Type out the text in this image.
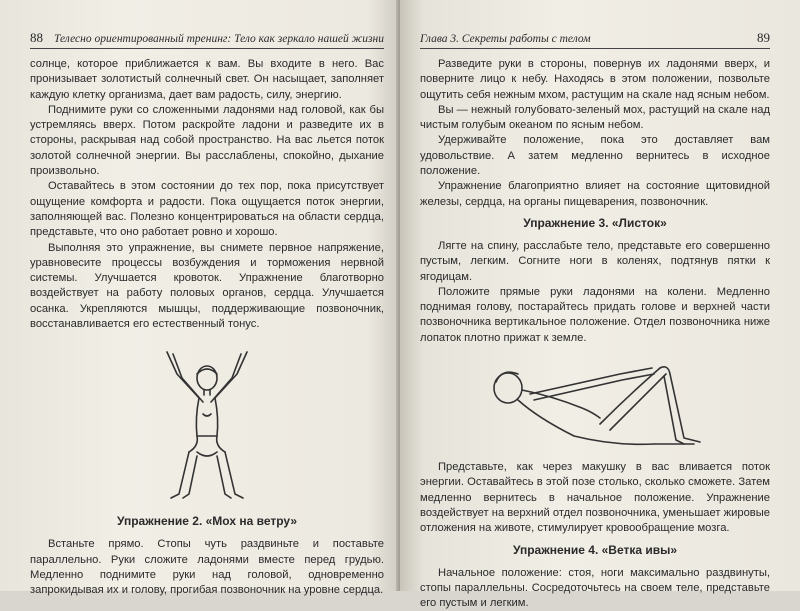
88 Телесно ориентированный тренинг: Тело как зеркало нашей жизни

солнце, которое приближается к вам. Вы входите в него. Вас пронизывает золотистый солнечный свет. Он насыщает, заполняет каждую клетку организма, дает вам радость, силу, энергию.

Поднимите руки со сложенными ладонями над головой, как бы устремляясь вверх. Потом раскройте ладони и разведите их в стороны, раскрывая над собой пространство. На вас льется поток золотой солнечной энергии. Вы расслаблены, спокойно, дыхание произвольно.

Оставайтесь в этом состоянии до тех пор, пока присутствует ощущение комфорта и радости. Пока ощущается поток энергии, заполняющей вас. Полезно концентрироваться на области сердца, представьте, что оно работает ровно и хорошо.

Выполняя это упражнение, вы снимете первное напряжение, уравновесите процессы возбуждения и торможения нервной системы. Улучшается кровоток. Упражнение благотворно воздействует на работу половых органов, сердца. Улучшается осанка. Укрепляются мышцы, поддерживающие позвоночник, восстанавливается его естественный тонус.

Упражнение 2. «Мох на ветру»

Встаньте прямо. Стопы чуть раздвиньте и поставьте параллельно. Руки сложите ладонями вместе перед грудью. Медленно поднимите руки над головой, одновременно запрокидывая их и голову, прогибая позвоночник на уровне сердца.

Глава 3. Секреты работы с телом	89

Разведите руки в стороны, повернув их ладонями вверх, и поверните лицо к небу. Находясь в этом положении, позвольте ощутить себя нежным мхом, растущим на скале над ясным небом.

Вы — нежный голубовато-зеленый мох, растущий на скале над чистым голубым океаном по ясным небом.

Удерживайте положение, пока это доставляет вам удовольствие. А затем медленно вернитесь в исходное положение.

Упражнение благоприятно влияет на состояние щитовидной железы, сердца, на органы пищеварения, позвоночник.

Упражнение 3. «Листок»

Лягте на спину, расслабьте тело, представьте его совершенно пустым, легким. Согните ноги в коленях, подтянув пятки к ягодицам.

Положите прямые руки ладонями на колени. Медленно поднимая голову, постарайтесь придать голове и верхней части позвоночника вертикальное положение. Отдел позвоночника ниже лопаток плотно прижат к земле.

Представьте, как через макушку в вас вливается поток энергии. Оставайтесь в этой позе столько, сколько сможете. Затем медленно вернитесь в начальное положение. Упражнение воздействует на верхний отдел позвоночника, уменьшает жировые отложения на животе, стимулирует кровообращение мозга.

Упражнение 4. «Ветка ивы»

Начальное положение: стоя, ноги максимально раздвинуты, стопы параллельны. Сосредоточьтесь на своем теле, представьте его пустым и легким.
